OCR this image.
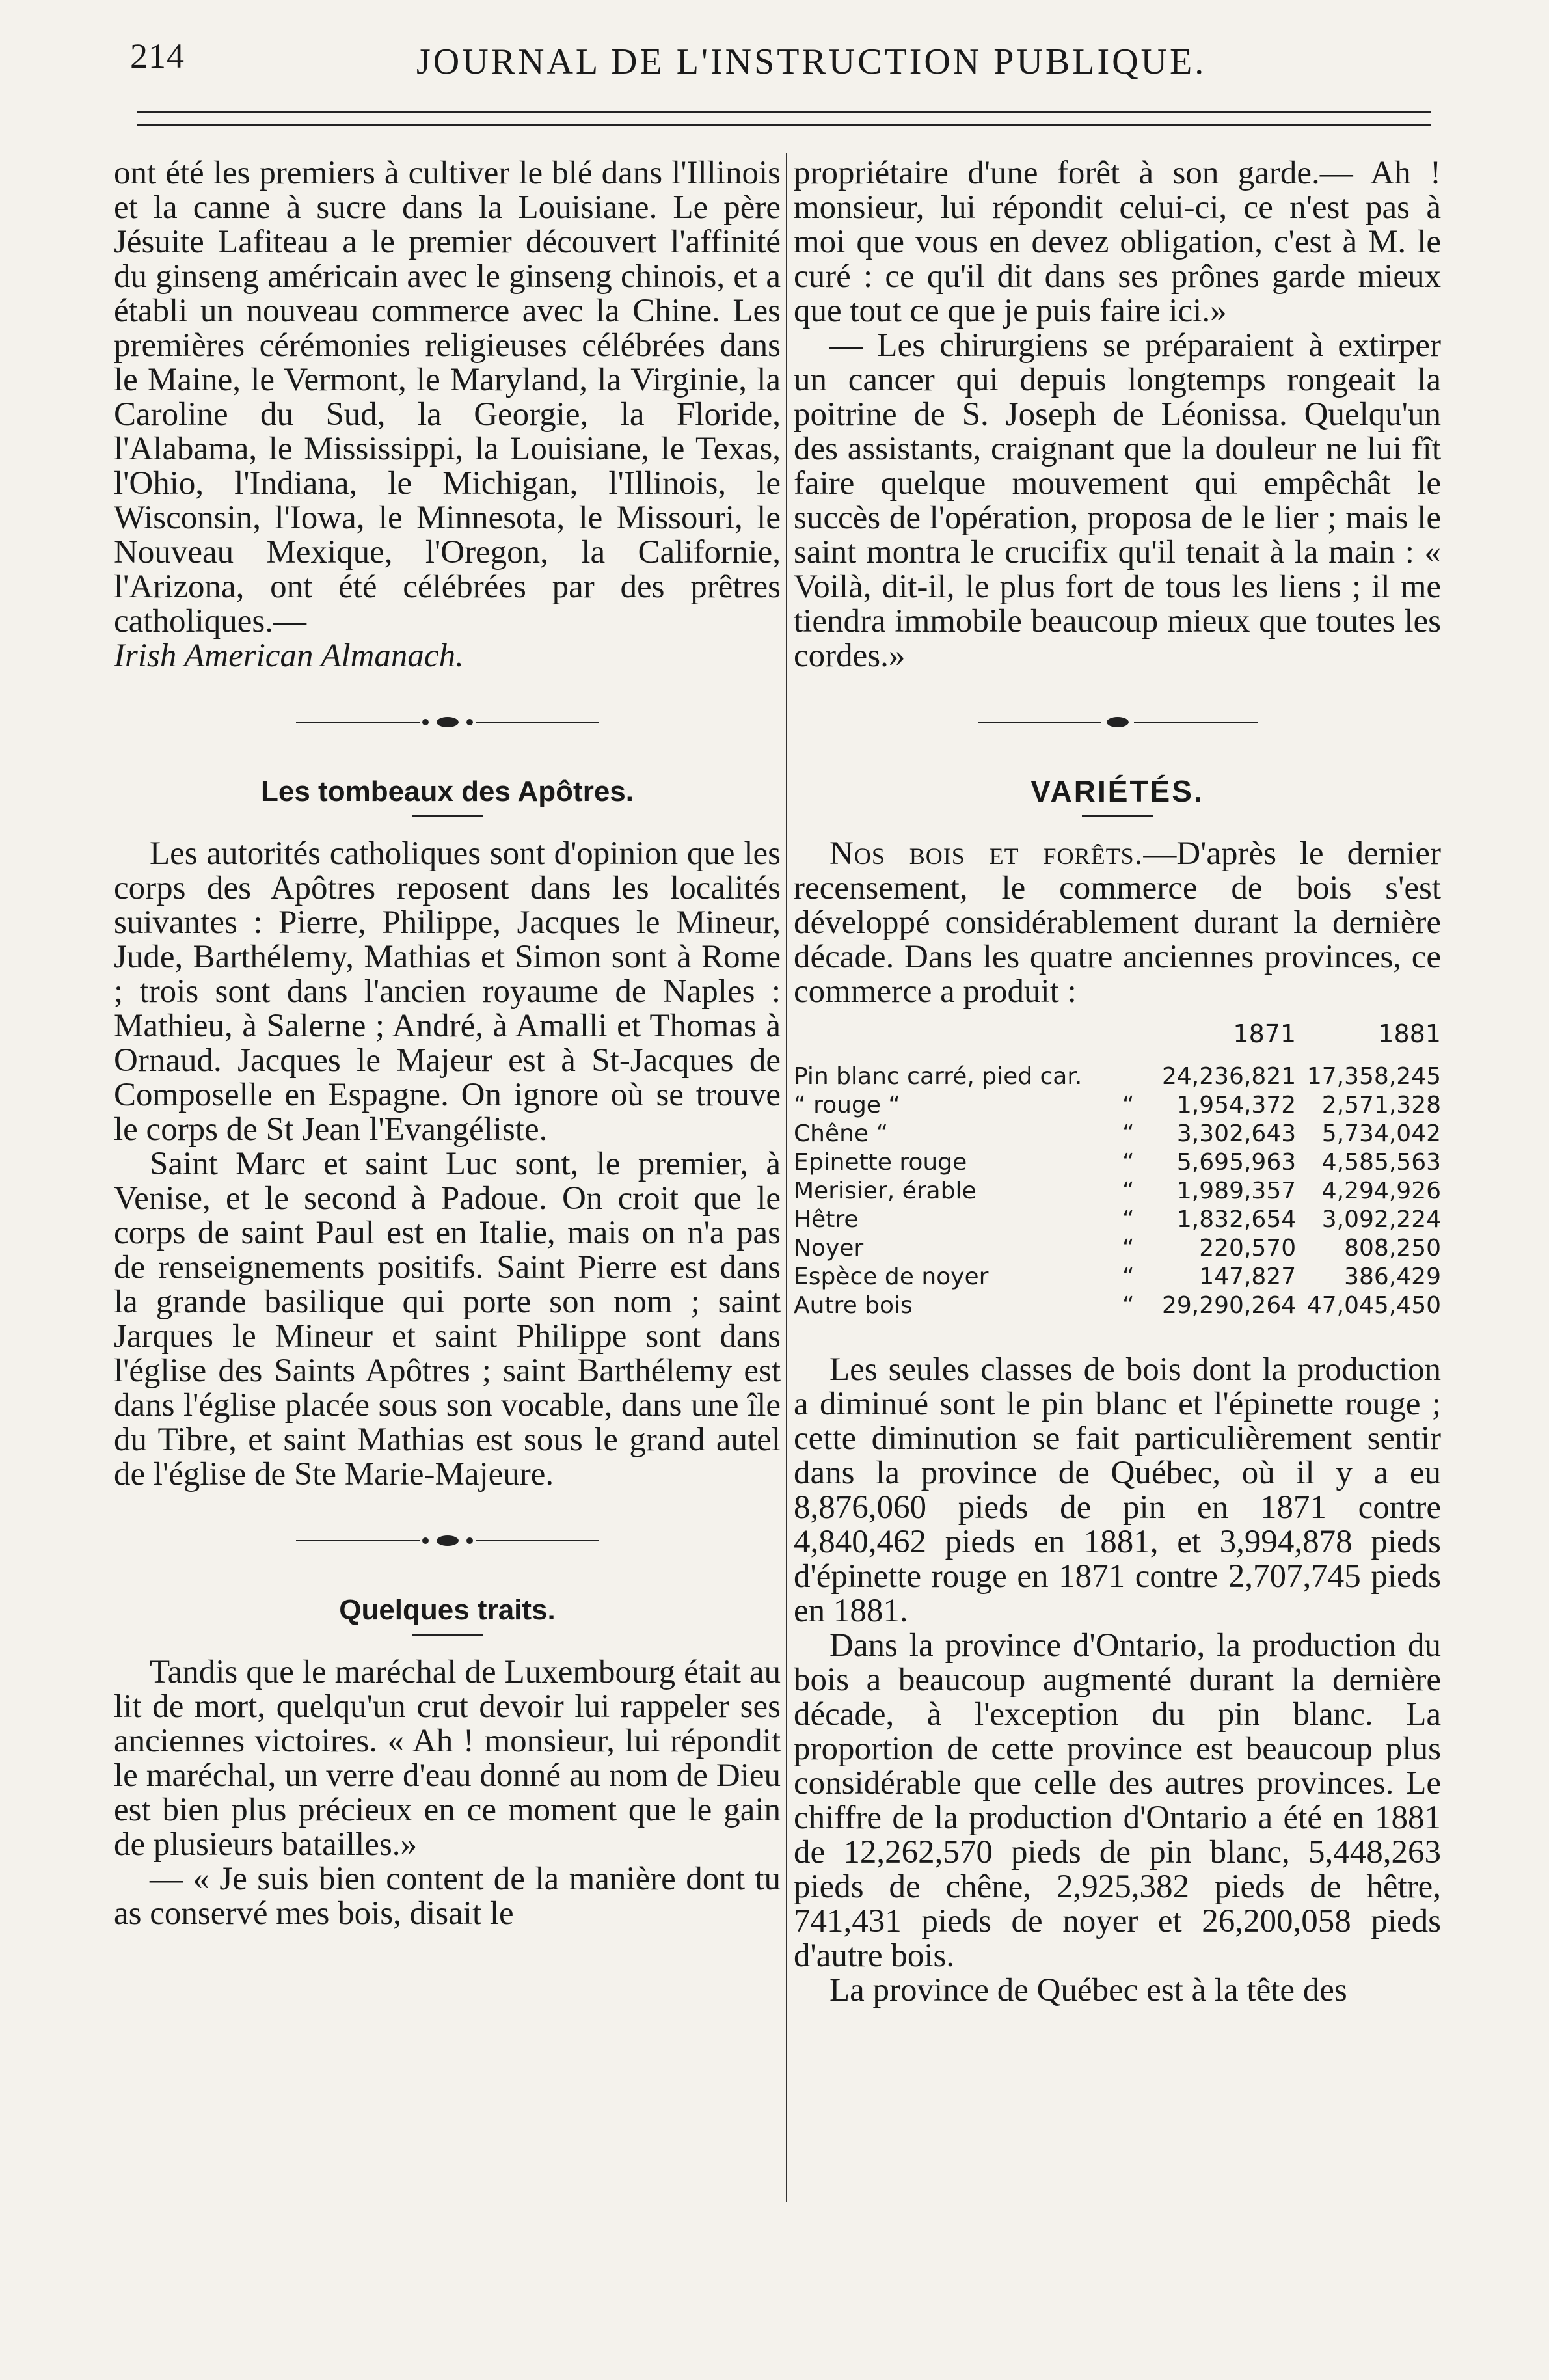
214	JOURNAL DE L'INSTRUCTION PUBLIQUE.

ont été les premiers à cultiver le blé dans l'Illinois et la canne à sucre dans la Louisiane. Le père Jésuite Lafiteau a le premier découvert l'affinité du ginseng américain avec le ginseng chinois, et a établi un nouveau commerce avec la Chine. Les premières cérémonies religieuses célébrées dans le Maine, le Vermont, le Maryland, la Virginie, la Caroline du Sud, la Georgie, la Floride, l'Alabama, le Mississippi, la Louisiane, le Texas, l'Ohio, l'Indiana, le Michigan, l'Illinois, le Wisconsin, l'Iowa, le Minnesota, le Missouri, le Nouveau Mexique, l'Oregon, la Californie, l'Arizona, ont été célébrées par des prêtres catholiques.—
Irish American Almanach.

Les tombeaux des Apôtres.

Les autorités catholiques sont d'opinion que les corps des Apôtres reposent dans les localités suivantes : Pierre, Philippe, Jacques le Mineur, Jude, Barthélemy, Mathias et Simon sont à Rome ; trois sont dans l'ancien royaume de Naples : Mathieu, à Salerne ; André, à Amalli et Thomas à Ornaud. Jacques le Majeur est à St-Jacques de Composelle en Espagne. On ignore où se trouve le corps de St Jean l'Evangéliste.

Saint Marc et saint Luc sont, le premier, à Venise, et le second à Padoue. On croit que le corps de saint Paul est en Italie, mais on n'a pas de renseignements positifs. Saint Pierre est dans la grande basilique qui porte son nom ; saint Jarques le Mineur et saint Philippe sont dans l'église des Saints Apôtres ; saint Barthélemy est dans l'église placée sous son vocable, dans une île du Tibre, et saint Mathias est sous le grand autel de l'église de Ste Marie-Majeure.

Quelques traits.

Tandis que le maréchal de Luxembourg était au lit de mort, quelqu'un crut devoir lui rappeler ses anciennes victoires. « Ah ! monsieur, lui répondit le maréchal, un verre d'eau donné au nom de Dieu est bien plus précieux en ce moment que le gain de plusieurs batailles.»

— « Je suis bien content de la manière dont tu as conservé mes bois, disait le

propriétaire d'une forêt à son garde.— Ah ! monsieur, lui répondit celui-ci, ce n'est pas à moi que vous en devez obligation, c'est à M. le curé : ce qu'il dit dans ses prônes garde mieux que tout ce que je puis faire ici.»

— Les chirurgiens se préparaient à extirper un cancer qui depuis longtemps rongeait la poitrine de S. Joseph de Léonissa. Quelqu'un des assistants, craignant que la douleur ne lui fît faire quelque mouvement qui empêchât le succès de l'opération, proposa de le lier ; mais le saint montra le crucifix qu'il tenait à la main : « Voilà, dit-il, le plus fort de tous les liens ; il me tiendra immobile beaucoup mieux que toutes les cordes.»

VARIÉTÉS.

Nos bois et forêts.—D'après le dernier recensement, le commerce de bois s'est développé considérablement durant la dernière décade. Dans les quatre anciennes provinces, ce commerce a produit :

		1871	1881
Pin blanc carré, pied car.		24,236,821	17,358,245
“ rouge “	“	1,954,372	2,571,328
Chêne “	“	3,302,643	5,734,042
Epinette rouge	“	5,695,963	4,585,563
Merisier, érable	“	1,989,357	4,294,926
Hêtre	“	1,832,654	3,092,224
Noyer	“	220,570	808,250
Espèce de noyer	“	147,827	386,429
Autre bois	“	29,290,264	47,045,450

Les seules classes de bois dont la production a diminué sont le pin blanc et l'épinette rouge ; cette diminution se fait particulièrement sentir dans la province de Québec, où il y a eu 8,876,060 pieds de pin en 1871 contre 4,840,462 pieds en 1881, et 3,994,878 pieds d'épinette rouge en 1871 contre 2,707,745 pieds en 1881.

Dans la province d'Ontario, la production du bois a beaucoup augmenté durant la dernière décade, à l'exception du pin blanc. La proportion de cette province est beaucoup plus considérable que celle des autres provinces. Le chiffre de la production d'Ontario a été en 1881 de 12,262,570 pieds de pin blanc, 5,448,263 pieds de chêne, 2,925,382 pieds de hêtre, 741,431 pieds de noyer et 26,200,058 pieds d'autre bois.

La province de Québec est à la tête des
